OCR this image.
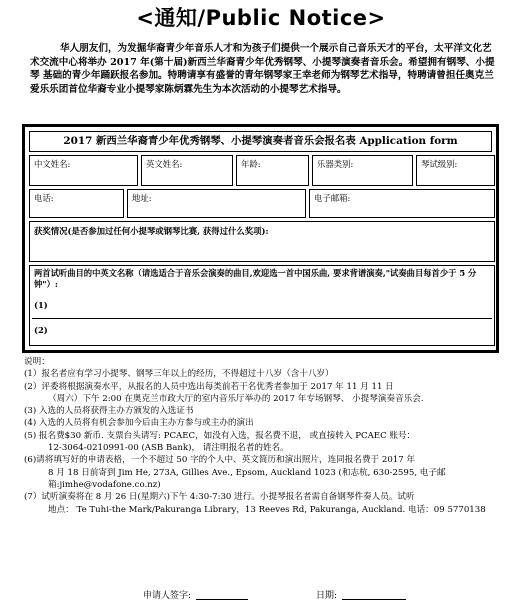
<通知/Public Notice>
华人朋友们，为发掘华裔青少年音乐人才和为孩子们提供一个展示自己音乐天才的平台，太平洋文化艺术交流中心将举办 2017 年(第十届)新西兰华裔青少年优秀钢琴、小提琴演奏者音乐会。希望拥有钢琴、小提琴 基础的青少年踊跃报名参加。特聘请享有盛誉的青年钢琴家王幸老师为钢琴艺术指导，特聘请曾担任奥克兰爱乐乐团首位华裔专业小提琴家陈炳霖先生为本次活动的小提琴艺术指导。
2017 新西兰华裔青少年优秀钢琴、小提琴演奏者音乐会报名表 Application form
中文姓名:	英文姓名:	年龄:	乐器类别:	琴试级别:
电话:	地址:	电子邮箱:
获奖情况(是否参加过任何小提琴或钢琴比赛, 获得过什么奖项):
两首试听曲目的中英文名称（请选适合于音乐会演奏的曲目,欢迎选一首中国乐曲, 要求背谱演奏,"试奏曲目每首少于 5 分钟"）:
(1)
(2)

说明：

(1）报名者应有学习小提琴、钢琴三年以上的经历，不得超过十八岁（含十八岁）

(2）评委将根据演奏水平，从报名的人员中选出每类前若干名优秀者参加于 2017 年 11 月 11 日

（周六）下午 2:00 在奥克兰市政大厅的室内音乐厅举办的 2017 年专场钢琴、 小提琴演奏音乐会.

(3) 入选的人员将获得主办方颁发的入选证书

(4) 入选的人员将有机会参加今后由主办方参与或主办的演出

(5) 报名费$30 新币. 支票台头请写: PCAEC，如没有入选，报名费不退， 或直接转入 PCAEC 账号：

12-3064-0210991-00 (ASB Bank)， 请注明报名者的姓名。

(6)请将填写好的申请表格，一个不超过 50 字的个人中、英文简历和演出照片，连同报名费于 2017 年

8 月 18 日前寄到 Jim He, 273A, Gillies Ave., Epsom, Auckland 1023 (和志杭, 630-2595, 电子邮

箱:jimhe@vodafone.co.nz)

(7）试听演奏将在 8 月 26 日(星期六)下午 4:30-7:30 进行。小提琴报名者需自备钢琴件奏人员。试听

地点： Te Tuhi-the Mark/Pakuranga Library，13 Reeves Rd, Pakuranga, Auckland. 电话：09 5770138

申请人签字:	日期:
